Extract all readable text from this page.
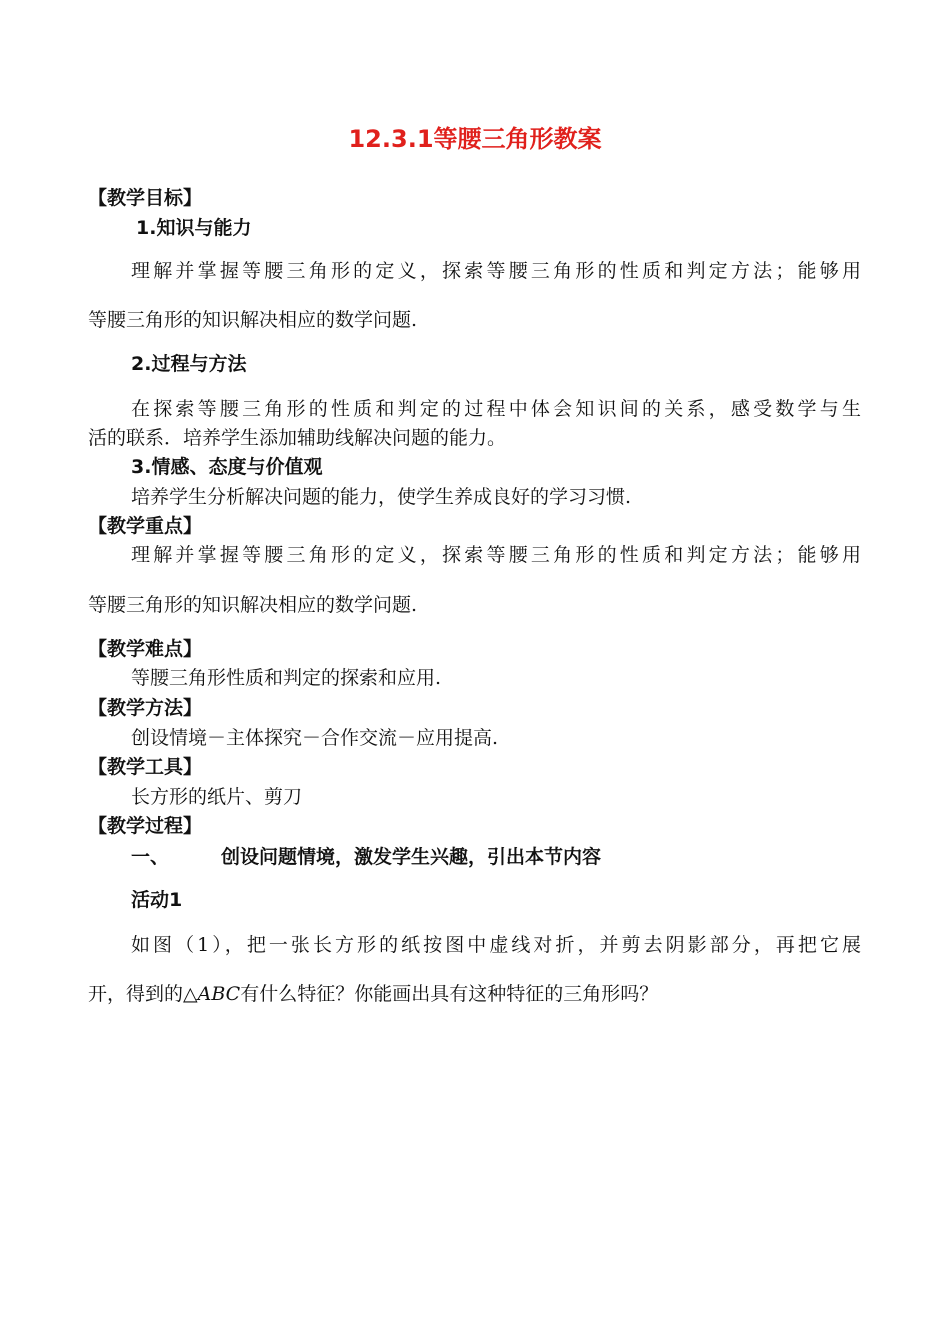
12.3.1等腰三角形教案

【教学目标】

1.知识与能力

理解并掌握等腰三角形的定义，探索等腰三角形的性质和判定方法；能够用

等腰三角形的知识解决相应的数学问题.

2.过程与方法

在探索等腰三角形的性质和判定的过程中体会知识间的关系，感受数学与生

活的联系．培养学生添加辅助线解决问题的能力。

3.情感、态度与价值观

培养学生分析解决问题的能力，使学生养成良好的学习习惯.

【教学重点】

理解并掌握等腰三角形的定义，探索等腰三角形的性质和判定方法；能够用

等腰三角形的知识解决相应的数学问题.

【教学难点】

等腰三角形性质和判定的探索和应用.

【教学方法】

创设情境－主体探究－合作交流－应用提高.

【教学工具】

长方形的纸片、剪刀

【教学过程】

一、	创设问题情境，激发学生兴趣，引出本节内容

活动1

如图（1），把一张长方形的纸按图中虚线对折，并剪去阴影部分，再把它展

开，得到的△ABC有什么特征？你能画出具有这种特征的三角形吗？
